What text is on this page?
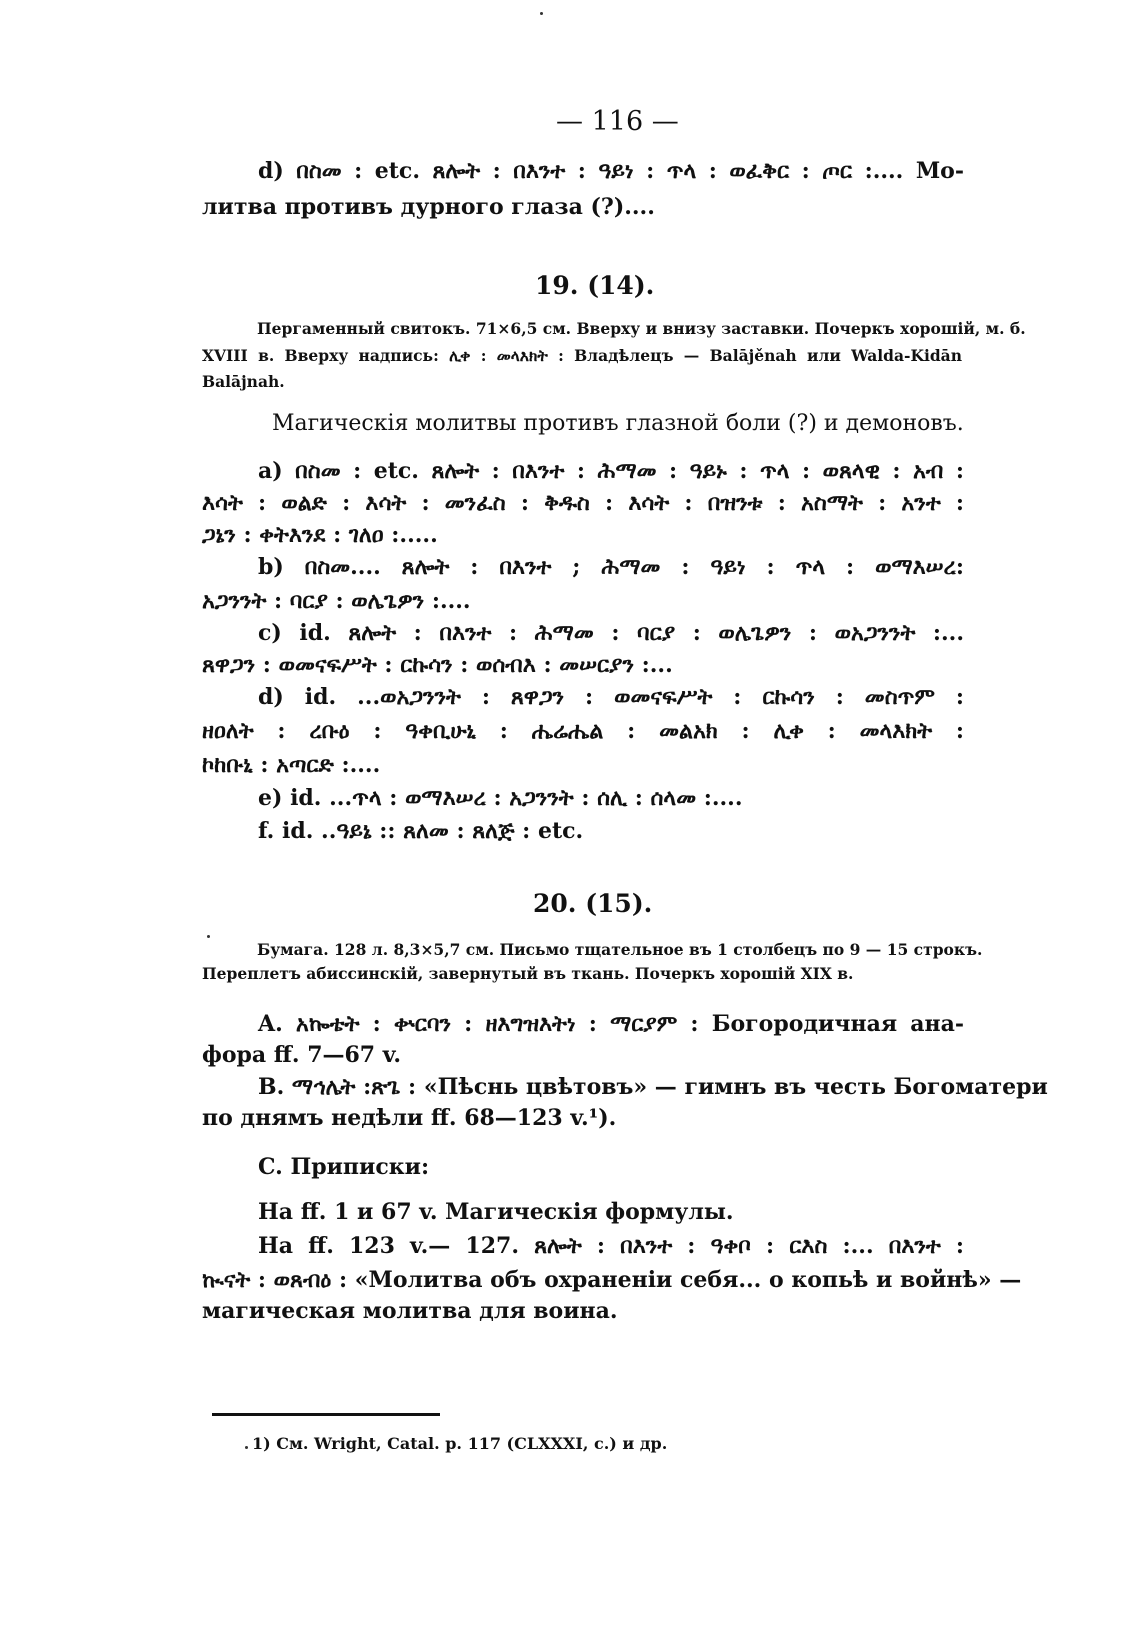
— 116 —
d) በስመ : etc. ጸሎት : በእንተ : ዓይነ : ጥላ : ወፈቅር : ጦር :.... Мо-
литва противъ дурного глаза (?)....
19. (14).
Пергаменный свитокъ. 71×6,5 см. Вверху и внизу заставки. Почеркъ хорошій, м. б.
XVIII в. Вверху надпись: ሊቀ : መላእክት : Владѣлецъ — Balājěnah или Walda-Kidān
Balājnah.
Магическія молитвы противъ глазной боли (?) и демоновъ.
a) በስመ : etc. ጸሎት : በእንተ : ሕማመ : ዓይኑ : ጥላ : ወጸላዊ : አብ :
እሳት : ወልድ : እሳት : መንፈስ : ቅዱስ : እሳት : በዝንቱ : አስማት : አንተ :
ጋኔን : ቀትእንደ : ገለዐ :.....
b) በስመ.... ጸሎት : በእንተ ; ሕማመ : ዓይነ : ጥላ : ወማእሠረ:
አጋንንት : ባርያ : ወሌጌዎን :....
c) id. ጸሎት : በእንተ : ሕማመ : ባርያ : ወሌጌዎን : ወአጋንንት :...
ጸዋጋን : ወመናፍሥት : ርኩሳን : ወሰብእ : መሠርያን :...
d) id. ...ወአጋንንት : ጸዋጋን : ወመናፍሥት : ርኩሳን : መስጥም :
ዘዐለት : ረቡዕ : ዓቀቢሁኒ : ሔሬሔል : መልአክ : ሊቀ : መላእክት :
ኮከቡኒ : አጣርድ :....
e) id. ...ጥላ : ወማእሠረ : አጋንንት : ሰሊ : ሰላመ :....
f. id. ..ዓይኔ :: ጸለመ : ጸለጅ : etc.
20. (15).
Бумага. 128 л. 8,3×5,7 см. Письмо тщательное въ 1 столбецъ по 9 — 15 строкъ.
Переплетъ абиссинскій, завернутый въ ткань. Почеркъ хорошій XIX в.
A. አኰቴት : ቍርባን : ዘእግዝእትነ : ማርያም : Богородичная ана-
фора ff. 7—67 v.
B. ማኅሌት :ጽጌ : «Пѣснь цвѣтовъ» — гимнъ въ честь Богоматери
по днямъ недѣли ff. 68—123 v.¹).
C. Приписки:
На ff. 1 и 67 v. Магическія формулы.
На ff. 123 v.— 127. ጸሎት : በእንተ : ዓቀቦ : ርእስ :... በእንተ :
ኲናት : ወጸብዕ : «Молитва объ охраненіи себя... о копьѣ и войнѣ» —
магическая молитва для воина.
1) См. Wright, Catal. p. 117 (CLXXXI, c.) и др.
